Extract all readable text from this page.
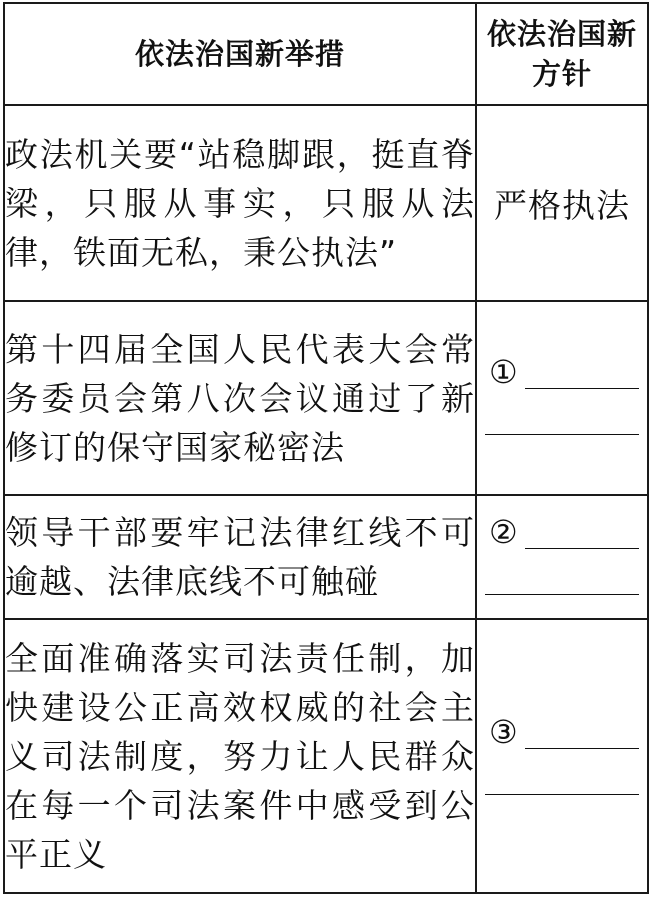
依法治国新举措	依法治国新方针
政法机关要“站稳脚跟，挺直脊梁，只服从事实，只服从法律，铁面无私，秉公执法”	严格执法
第十四届全国人民代表大会常务委员会第八次会议通过了新修订的保守国家秘密法	①

领导干部要牢记法律红线不可逾越、法律底线不可触碰	②

全面准确落实司法责任制，加快建设公正高效权威的社会主义司法制度，努力让人民群众在每一个司法案件中感受到公平正义	③
